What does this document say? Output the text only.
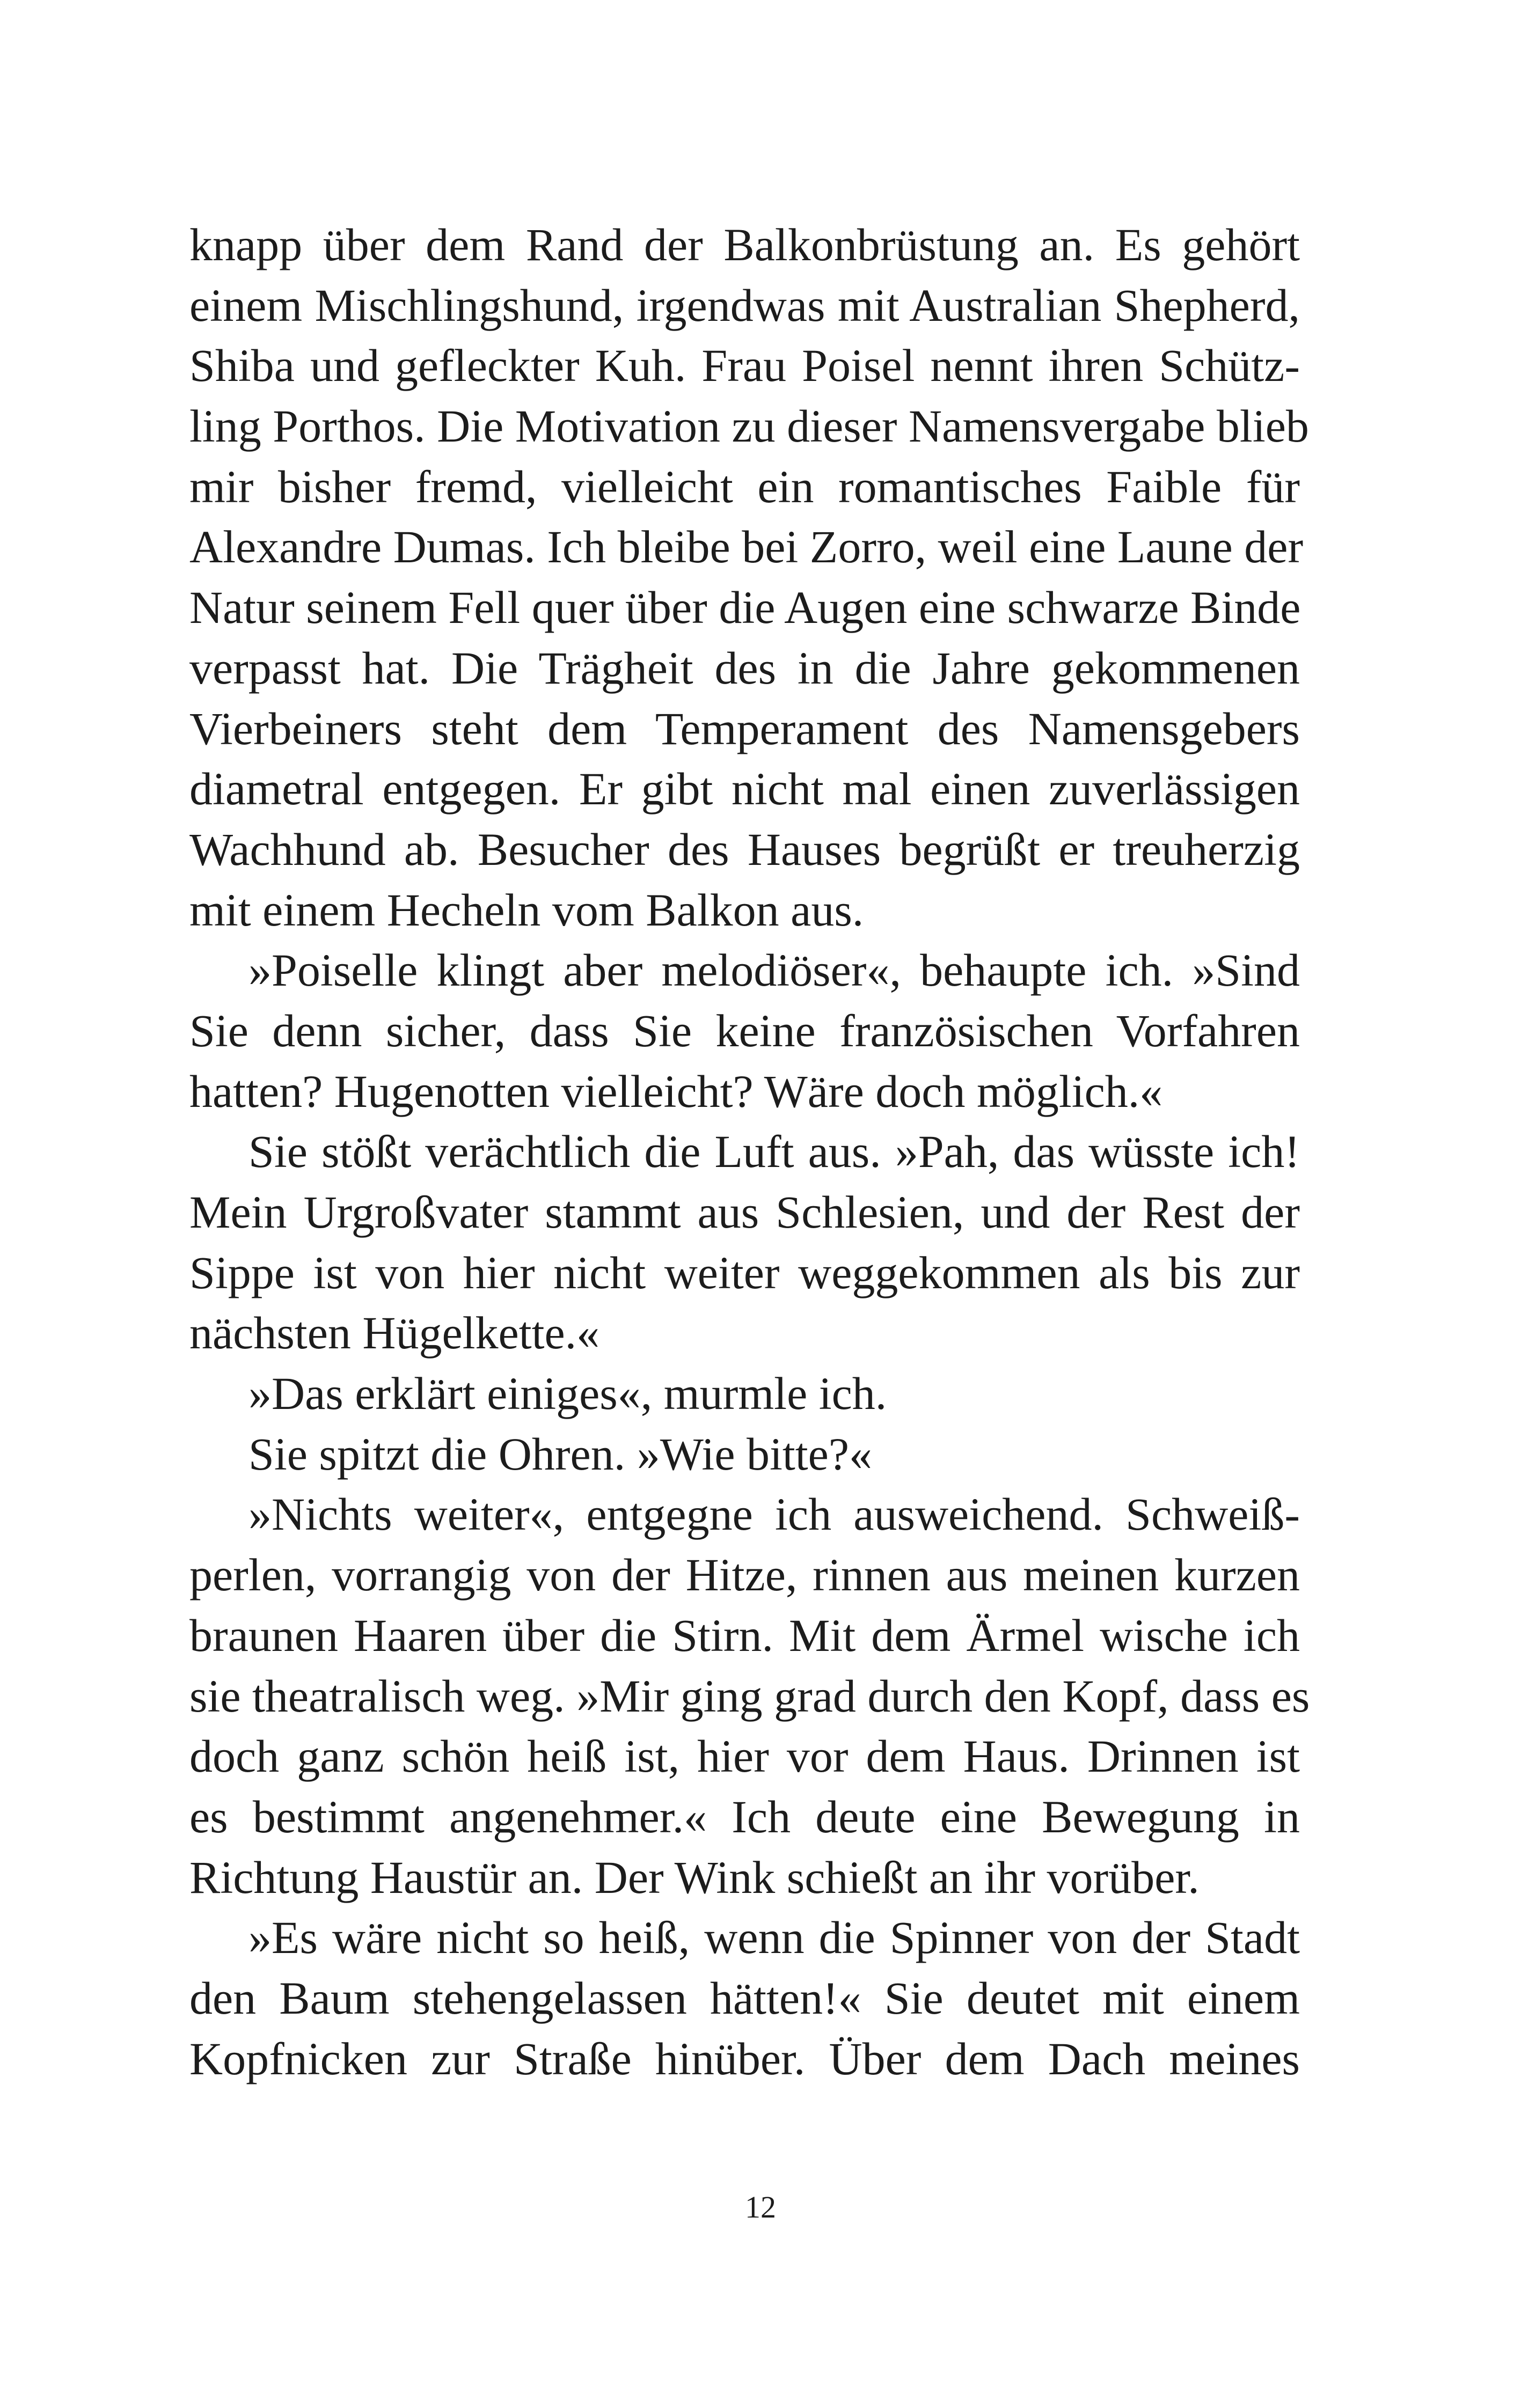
knapp über dem Rand der Balkonbrüstung an. Es gehört
einem Mischlingshund, irgendwas mit Australian Shepherd,
Shiba und gefleckter Kuh. Frau Poisel nennt ihren Schütz-
ling Porthos. Die Motivation zu dieser Namensvergabe blieb
mir bisher fremd, vielleicht ein romantisches Faible für
Alexandre Dumas. Ich bleibe bei Zorro, weil eine Laune der
Natur seinem Fell quer über die Augen eine schwarze Binde
verpasst hat. Die Trägheit des in die Jahre gekommenen
Vierbeiners steht dem Temperament des Namensgebers
diametral entgegen. Er gibt nicht mal einen zuverlässigen
Wachhund ab. Besucher des Hauses begrüßt er treuherzig
mit einem Hecheln vom Balkon aus.
»Poiselle klingt aber melodiöser«, behaupte ich. »Sind
Sie denn sicher, dass Sie keine französischen Vorfahren
hatten? Hugenotten vielleicht? Wäre doch möglich.«
Sie stößt verächtlich die Luft aus. »Pah, das wüsste ich!
Mein Urgroßvater stammt aus Schlesien, und der Rest der
Sippe ist von hier nicht weiter weggekommen als bis zur
nächsten Hügelkette.«
»Das erklärt einiges«, murmle ich.
Sie spitzt die Ohren. »Wie bitte?«
»Nichts weiter«, entgegne ich ausweichend. Schweiß-
perlen, vorrangig von der Hitze, rinnen aus meinen kurzen
braunen Haaren über die Stirn. Mit dem Ärmel wische ich
sie theatralisch weg. »Mir ging grad durch den Kopf, dass es
doch ganz schön heiß ist, hier vor dem Haus. Drinnen ist
es bestimmt angenehmer.« Ich deute eine Bewegung in
Richtung Haustür an. Der Wink schießt an ihr vorüber.
»Es wäre nicht so heiß, wenn die Spinner von der Stadt
den Baum stehengelassen hätten!« Sie deutet mit einem
Kopfnicken zur Straße hinüber. Über dem Dach meines
12
